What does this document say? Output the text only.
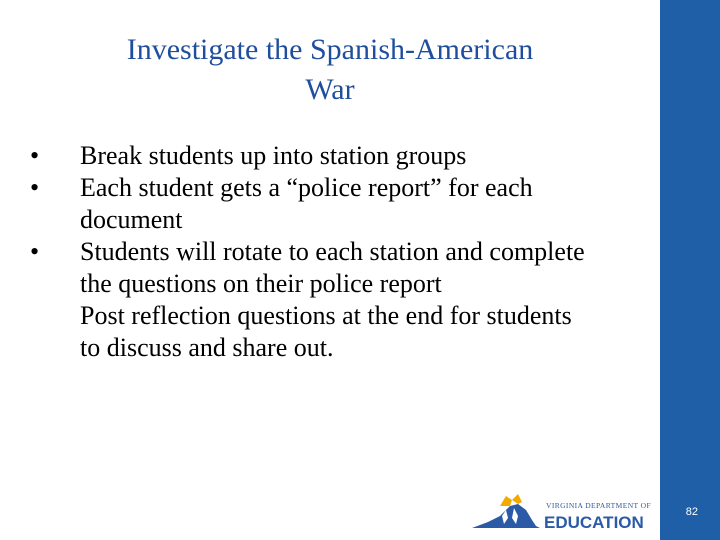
Investigate the Spanish-American
War
• Break students up into station groups
• Each student gets a “police report” for each document
• Students will rotate to each station and complete the questions on their police report
Post reflection questions at the end for students to discuss and share out.
VIRGINIA DEPARTMENT OF
EDUCATION
82
